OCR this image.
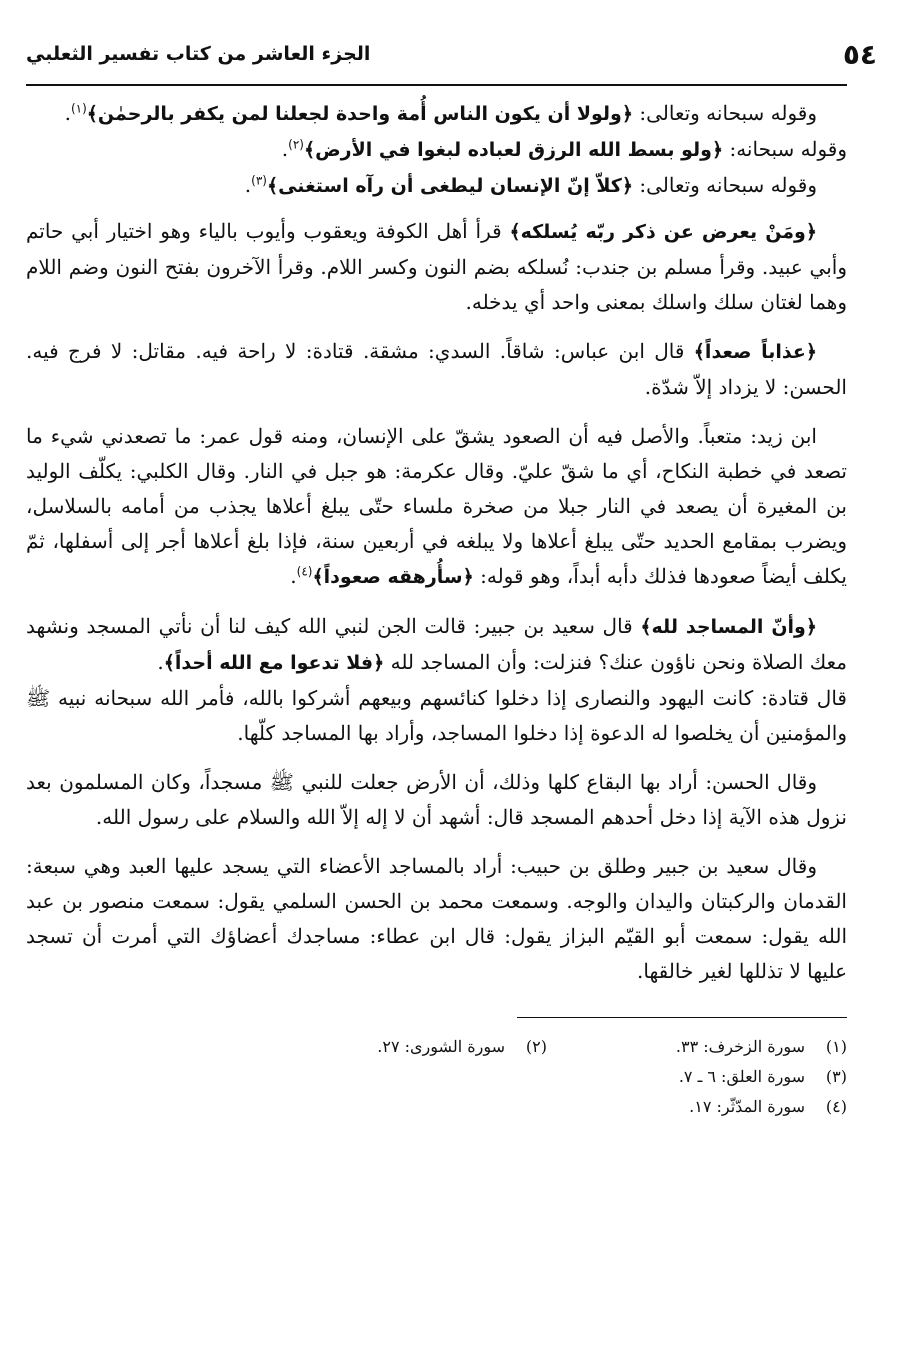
٥٤
الجزء العاشر من كتاب تفسير الثعلبي

وقوله سبحانه وتعالى: ﴿ولولا أن يكون الناس أُمة واحدة لجعلنا لمن يكفر بالرحمٰن﴾$^{(١)}$.

وقوله سبحانه: ﴿ولو بسط الله الرزق لعباده لبغوا في الأرض﴾$^{(٢)}$.

وقوله سبحانه وتعالى: ﴿كلاّ إنّ الإنسان ليطغى أن رآه استغنى﴾$^{(٣)}$.

﴿ومَنْ يعرض عن ذكر ربّه يُسلكه﴾ قرأ أهل الكوفة ويعقوب وأيوب بالياء وهو اختيار أبي حاتم وأبي عبيد. وقرأ مسلم بن جندب: نُسلكه بضم النون وكسر اللام. وقرأ الآخرون بفتح النون وضم اللام وهما لغتان سلك واسلك بمعنى واحد أي يدخله.

﴿عذاباً صعداً﴾ قال ابن عباس: شاقاً. السدي: مشقة. قتادة: لا راحة فيه. مقاتل: لا فرج فيه. الحسن: لا يزداد إلاّ شدّة.

ابن زيد: متعباً. والأصل فيه أن الصعود يشقّ على الإنسان، ومنه قول عمر: ما تصعدني شيء ما تصعد في خطبة النكاح، أي ما شقّ عليّ. وقال عكرمة: هو جبل في النار. وقال الكلبي: يكلّف الوليد بن المغيرة أن يصعد في النار جبلا من صخرة ملساء حتّى يبلغ أعلاها يجذب من أمامه بالسلاسل، ويضرب بمقامع الحديد حتّى يبلغ أعلاها ولا يبلغه في أربعين سنة، فإذا بلغ أعلاها أجر إلى أسفلها، ثمّ يكلف أيضاً صعودها فذلك دأبه أبداً، وهو قوله: ﴿سأُرهقه صعوداً﴾$^{(٤)}$.

﴿وأنّ المساجد لله﴾ قال سعيد بن جبير: قالت الجن لنبي الله كيف لنا أن نأتي المسجد ونشهد معك الصلاة ونحن ناؤون عنك؟ فنزلت: وأن المساجد لله ﴿فلا تدعوا مع الله أحداً﴾.

قال قتادة: كانت اليهود والنصارى إذا دخلوا كنائسهم وبيعهم أشركوا بالله، فأمر الله سبحانه نبيه ﷺ والمؤمنين أن يخلصوا له الدعوة إذا دخلوا المساجد، وأراد بها المساجد كلّها.

وقال الحسن: أراد بها البقاع كلها وذلك، أن الأرض جعلت للنبي ﷺ مسجداً، وكان المسلمون بعد نزول هذه الآية إذا دخل أحدهم المسجد قال: أشهد أن لا إله إلاّ الله والسلام على رسول الله.

وقال سعيد بن جبير وطلق بن حبيب: أراد بالمساجد الأعضاء التي يسجد عليها العبد وهي سبعة: القدمان والركبتان واليدان والوجه. وسمعت محمد بن الحسن السلمي يقول: سمعت منصور بن عبد الله يقول: سمعت أبو القيّم البزاز يقول: قال ابن عطاء: مساجدك أعضاؤك التي أمرت أن تسجد عليها لا تذللها لغير خالقها.

(١)سورة الزخرف: ٣٣.
(٢)سورة الشورى: ٢٧.
(٣)سورة العلق: ٦ ـ ٧.
(٤)سورة المدّثّر: ١٧.
